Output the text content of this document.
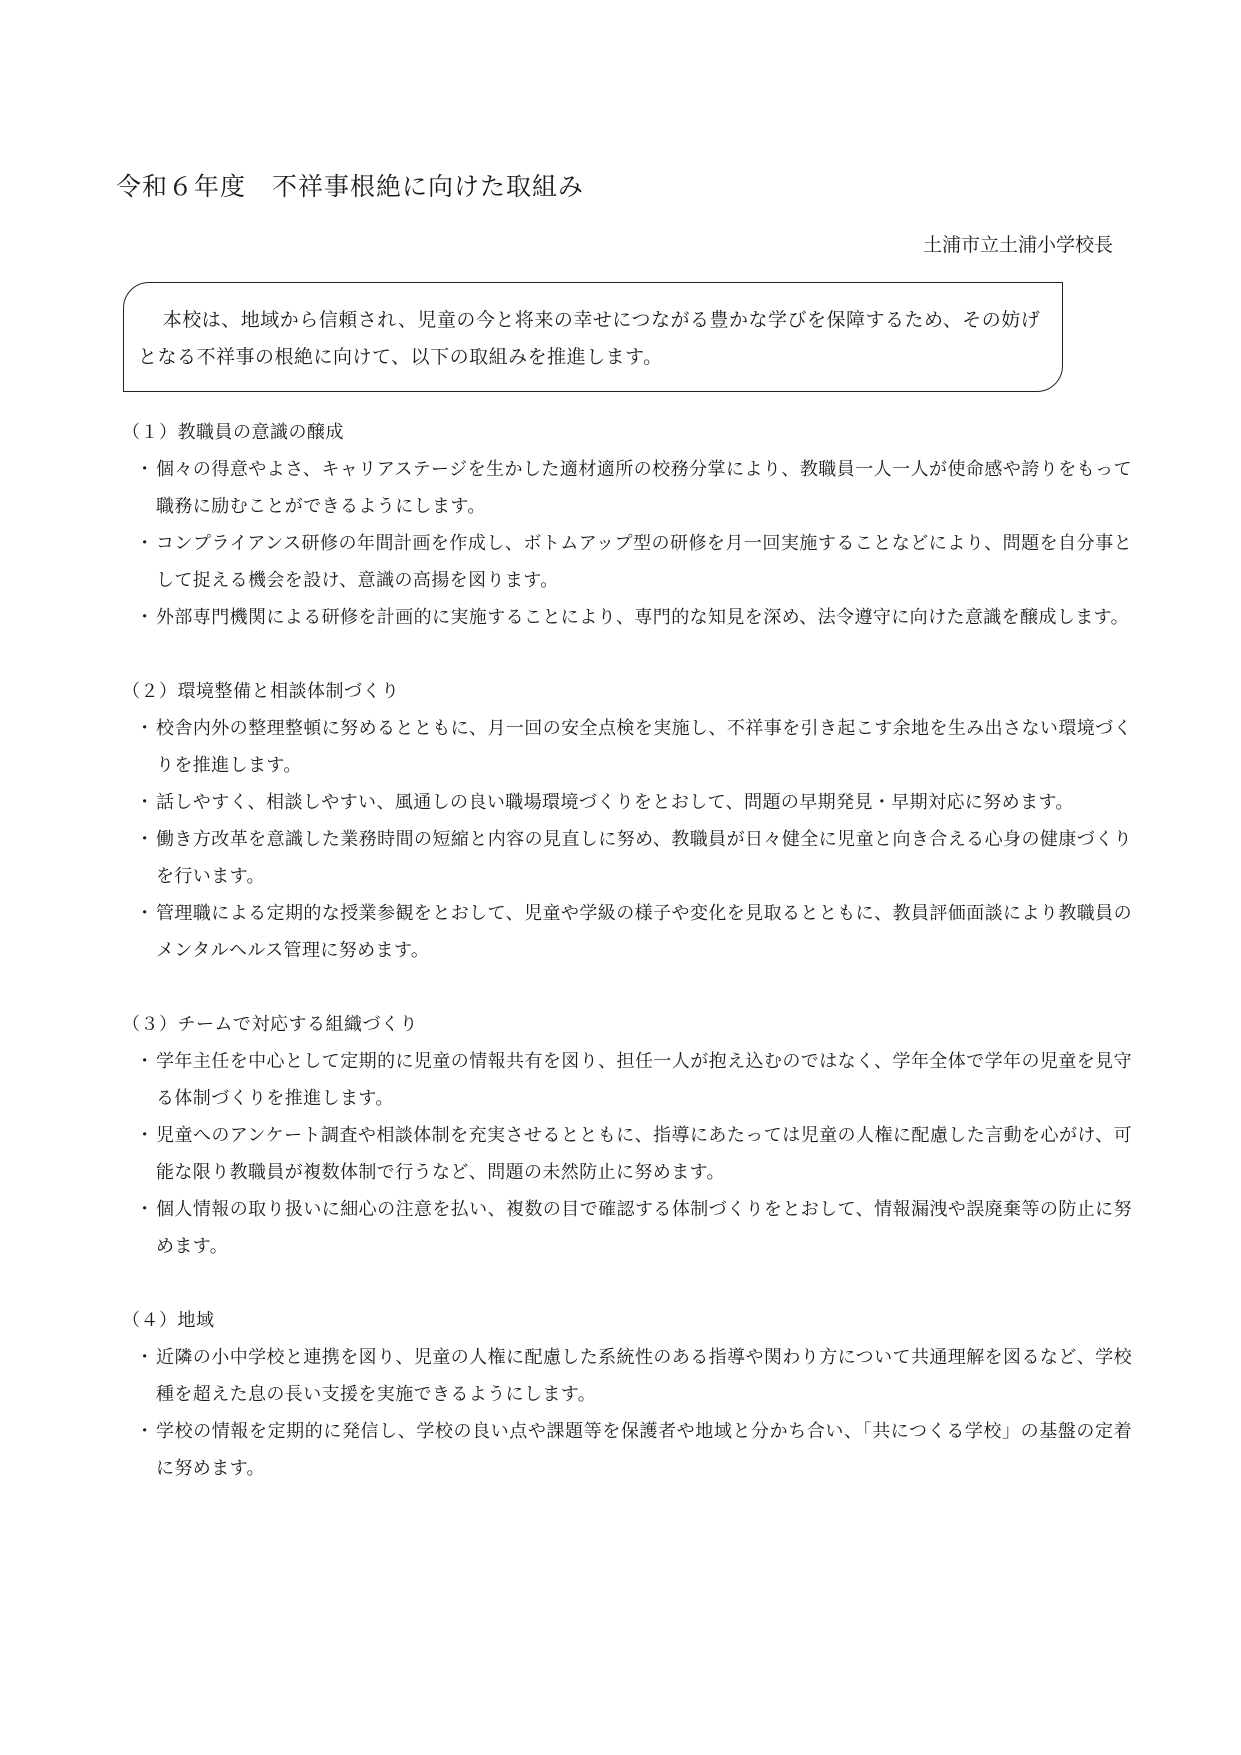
令和６年度　不祥事根絶に向けた取組み
土浦市立土浦小学校長

本校は、地域から信頼され、児童の今と将来の幸せにつながる豊かな学びを保障するため、その妨げとなる不祥事の根絶に向けて、以下の取組みを推進します。

（１）教職員の意識の醸成
・ 個々の得意やよさ、キャリアステージを生かした適材適所の校務分掌により、教職員一人一人が使命感や誇りをもって職務に励むことができるようにします。
・ コンプライアンス研修の年間計画を作成し、ボトムアップ型の研修を月一回実施することなどにより、問題を自分事として捉える機会を設け、意識の高揚を図ります。
・ 外部専門機関による研修を計画的に実施することにより、専門的な知見を深め、法令遵守に向けた意識を醸成します。
（２）環境整備と相談体制づくり
・ 校舎内外の整理整頓に努めるとともに、月一回の安全点検を実施し、不祥事を引き起こす余地を生み出さない環境づくりを推進します。
・ 話しやすく、相談しやすい、風通しの良い職場環境づくりをとおして、問題の早期発見・早期対応に努めます。
・ 働き方改革を意識した業務時間の短縮と内容の見直しに努め、教職員が日々健全に児童と向き合える心身の健康づくりを行います。
・ 管理職による定期的な授業参観をとおして、児童や学級の様子や変化を見取るとともに、教員評価面談により教職員のメンタルヘルス管理に努めます。
（３）チームで対応する組織づくり
・ 学年主任を中心として定期的に児童の情報共有を図り、担任一人が抱え込むのではなく、学年全体で学年の児童を見守る体制づくりを推進します。
・ 児童へのアンケート調査や相談体制を充実させるとともに、指導にあたっては児童の人権に配慮した言動を心がけ、可能な限り教職員が複数体制で行うなど、問題の未然防止に努めます。
・ 個人情報の取り扱いに細心の注意を払い、複数の目で確認する体制づくりをとおして、情報漏洩や誤廃棄等の防止に努めます。
（４）地域
・ 近隣の小中学校と連携を図り、児童の人権に配慮した系統性のある指導や関わり方について共通理解を図るなど、学校種を超えた息の長い支援を実施できるようにします。
・ 学校の情報を定期的に発信し、学校の良い点や課題等を保護者や地域と分かち合い、「共につくる学校」の基盤の定着に努めます。
